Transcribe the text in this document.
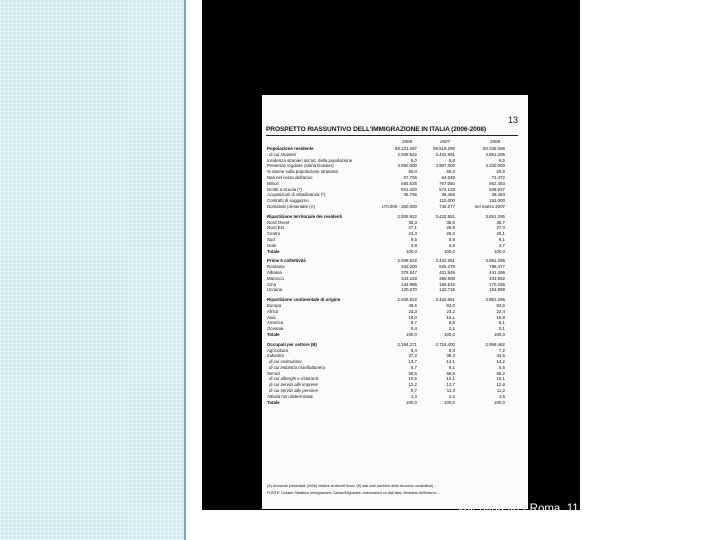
13
PROSPETTO RIASSUNTIVO DELL'IMMIGRAZIONE IN ITALIA (2006-2008)
2006	2007	2008
Popolazione residente	59.131.287	59.619.290	60.045.068
di cui stranieri	2.938.922	3.432.651	3.891.295
Incidenza stranieri sul tot. della popolazione	5,0	5,8	6,5
Presenza regolare (stima Dossier)	3.690.000	3.987.000	4.330.000
% donne sulla popolazione straniera	50,0	50,4	50,8
Nati nel corso dell'anno	57.765	64.049	72.472
Minori	665.625	767.060	862.453
Iscritti a scuola (*)	501.420	574.133	628.937
Acquisizioni di cittadinanza (*)	35.766	38.466	39.484
Contratti di soggiorno	...	110.000	152.000
Domande presentate (A)	170.000 - 250.000	745.277	nel marzo 2007
Ripartizione territoriale dei residenti	2.938.922	3.432.651	3.891.295
Nord Ovest	35,3	35,6	35,7
Nord Est	27,1	26,9	27,0
Centro	24,3	25,0	25,1
Sud	9,5	8,6	9,1
Isole	3,8	3,9	3,7
Totale	100,0	100,0	100,0
Prime 5 collettività	2.938.922	3.432.651	3.891.295
Romania	342.200	625.278	796.477
Albania	375.947	401.949	441.396
Marocco	343.228	365.908	403.592
Cina	144.885	156.519	170.265
Ucraina	120.070	132.718	153.998
Ripartizione continentale di origine	2.938.922	3.432.651	3.891.295
Europa	49,6	52,0	53,6
Africa	23,3	23,2	22,4
Asia	18,0	16,1	15,8
America	8,7	8,6	8,1
Oceania	0,4	0,1	0,1
Totale	100,0	100,0	100,0
Occupati per settore (B)	2.194.271	2.724.400	2.998.462
Agricoltura	6,4	6,3	7,2
Industria	37,2	38,3	33,6
di cui costruzioni	13,7	14,1	14,2
di cui industria manifatturiera	5,7	6,1	5,6
Servizi	55,5	55,8	59,2
di cui alberghi e ristoranti	10,5	10,1	10,1
di cui servizi alle imprese	12,2	12,7	12,8
di cui servizi alle persone	9,7	11,3	11,2
Attività non determinate	4,3	4,2	4,5
Totale	100,0	100,0	100,0
(A) domande presentate (2006) relative ai decreti flussi, (B) dati Inail (archivio delle denunce nominative) ...
FONTE: Dossier Statistico Immigrazione Caritas/Migrantes, elaborazioni su dati Istat, Ministero dell'Interno ...
Valentina Iiri - Roma, 11 settembre 2010
